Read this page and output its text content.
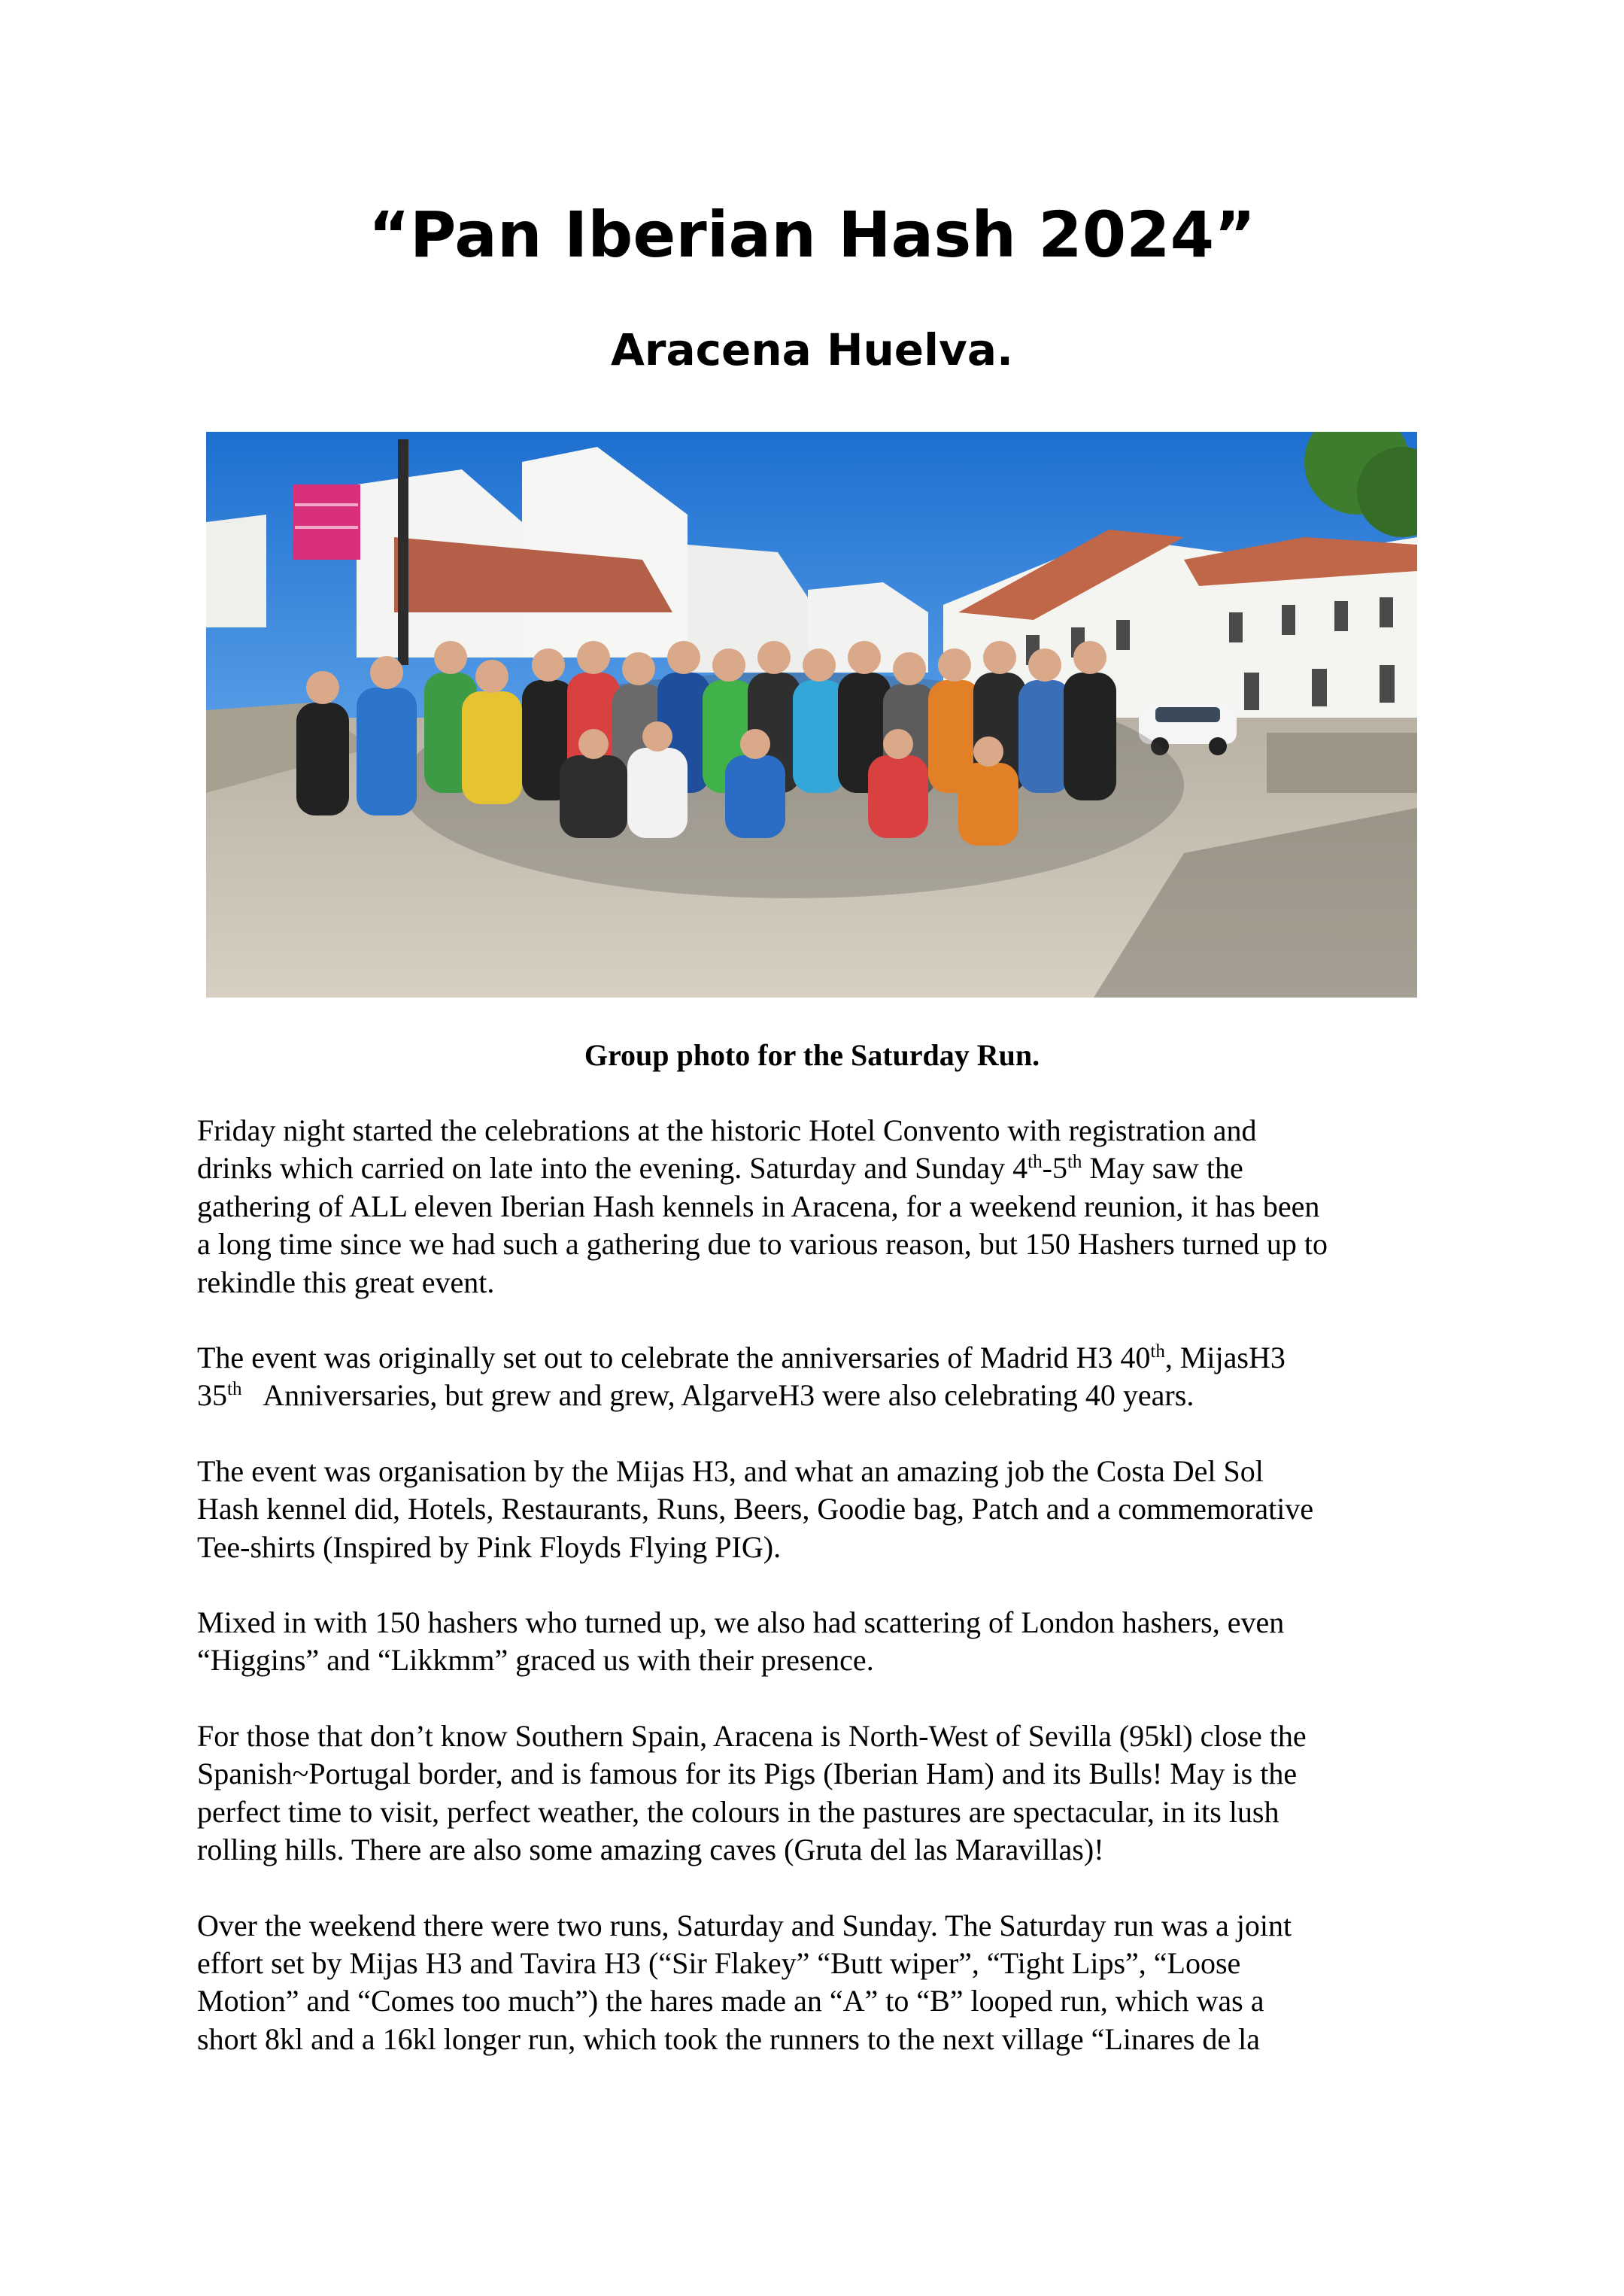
“Pan Iberian Hash 2024”
Aracena Huelva.

Group photo for the Saturday Run.

Friday night started the celebrations at the historic Hotel Convento with registration and
drinks which carried on late into the evening. Saturday and Sunday 4th-5th May saw the
gathering of ALL eleven Iberian Hash kennels in Aracena, for a weekend reunion, it has been
a long time since we had such a gathering due to various reason, but 150 Hashers turned up to
rekindle this great event.

The event was originally set out to celebrate the anniversaries of Madrid H3 40th, MijasH3
35th   Anniversaries, but grew and grew, AlgarveH3 were also celebrating 40 years.

The event was organisation by the Mijas H3, and what an amazing job the Costa Del Sol
Hash kennel did, Hotels, Restaurants, Runs, Beers, Goodie bag, Patch and a commemorative
Tee-shirts (Inspired by Pink Floyds Flying PIG).

Mixed in with 150 hashers who turned up, we also had scattering of London hashers, even
“Higgins” and “Likkmm” graced us with their presence.

For those that don’t know Southern Spain, Aracena is North-West of Sevilla (95kl) close the
Spanish~Portugal border, and is famous for its Pigs (Iberian Ham) and its Bulls! May is the
perfect time to visit, perfect weather, the colours in the pastures are spectacular, in its lush
rolling hills. There are also some amazing caves (Gruta del las Maravillas)!

Over the weekend there were two runs, Saturday and Sunday. The Saturday run was a joint
effort set by Mijas H3 and Tavira H3 (“Sir Flakey” “Butt wiper”, “Tight Lips”, “Loose
Motion” and “Comes too much”) the hares made an “A” to “B” looped run, which was a
short 8kl and a 16kl longer run, which took the runners to the next village “Linares de la
